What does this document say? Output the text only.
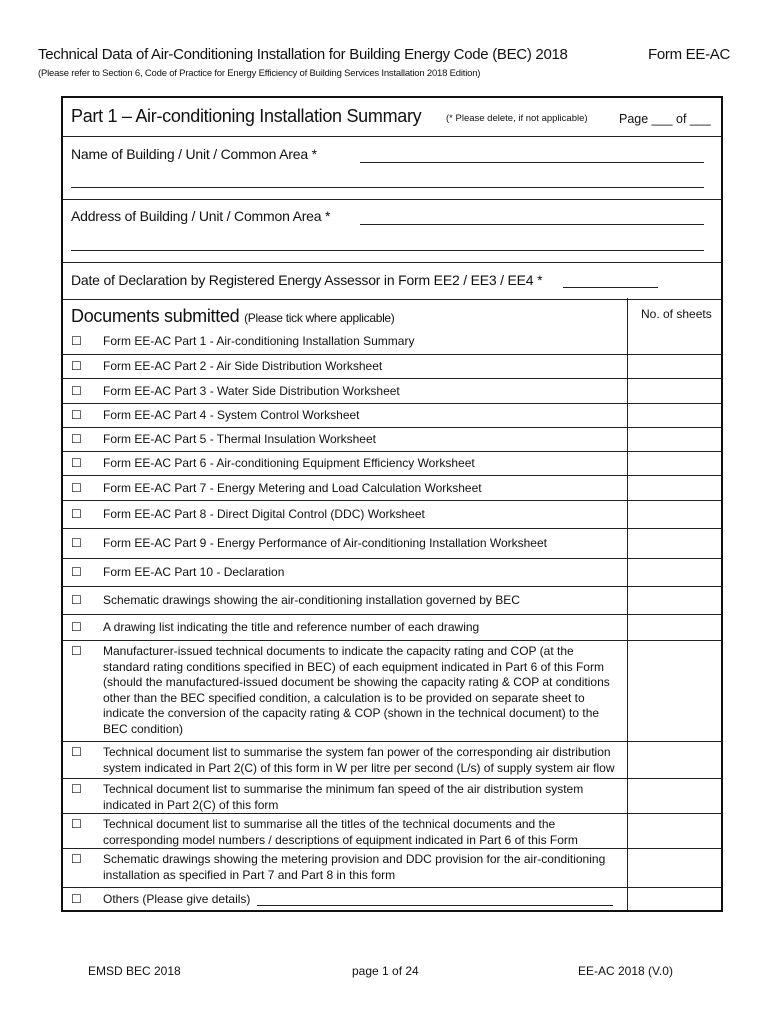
Technical Data of Air-Conditioning Installation for Building Energy Code (BEC) 2018	Form EE-AC
(Please refer to Section 6, Code of Practice for Energy Efficiency of Building Services Installation 2018 Edition)
Part 1 – Air-conditioning Installation Summary	(* Please delete, if not applicable)	Page ___ of ___
Name of Building / Unit / Common Area *
Address of Building / Unit / Common Area *
Date of Declaration by Registered Energy Assessor in Form EE2 / EE3 / EE4 *
Documents submitted (Please tick where applicable)	No. of sheets
☐ Form EE-AC Part 1 - Air-conditioning Installation Summary
☐ Form EE-AC Part 2 - Air Side Distribution Worksheet
☐ Form EE-AC Part 3 - Water Side Distribution Worksheet
☐ Form EE-AC Part 4 - System Control Worksheet
☐ Form EE-AC Part 5 - Thermal Insulation Worksheet
☐ Form EE-AC Part 6 - Air-conditioning Equipment Efficiency Worksheet
☐ Form EE-AC Part 7 - Energy Metering and Load Calculation Worksheet
☐ Form EE-AC Part 8 - Direct Digital Control (DDC) Worksheet
☐ Form EE-AC Part 9 - Energy Performance of Air-conditioning Installation Worksheet
☐ Form EE-AC Part 10 - Declaration
☐ Schematic drawings showing the air-conditioning installation governed by BEC
☐ A drawing list indicating the title and reference number of each drawing
☐ Manufacturer-issued technical documents to indicate the capacity rating and COP (at the standard rating conditions specified in BEC) of each equipment indicated in Part 6 of this Form (should the manufactured-issued document be showing the capacity rating & COP at conditions other than the BEC specified condition, a calculation is to be provided on separate sheet to indicate the conversion of the capacity rating & COP (shown in the technical document) to the BEC condition)
☐ Technical document list to summarise the system fan power of the corresponding air distribution system indicated in Part 2(C) of this form in W per litre per second (L/s) of supply system air flow
☐ Technical document list to summarise the minimum fan speed of the air distribution system indicated in Part 2(C) of this form
☐ Technical document list to summarise all the titles of the technical documents and the corresponding model numbers / descriptions of equipment indicated in Part 6 of this Form
☐ Schematic drawings showing the metering provision and DDC provision for the air-conditioning installation as specified in Part 7 and Part 8 in this form
☐ Others (Please give details)
EMSD BEC 2018	page 1 of 24	EE-AC 2018 (V.0)
